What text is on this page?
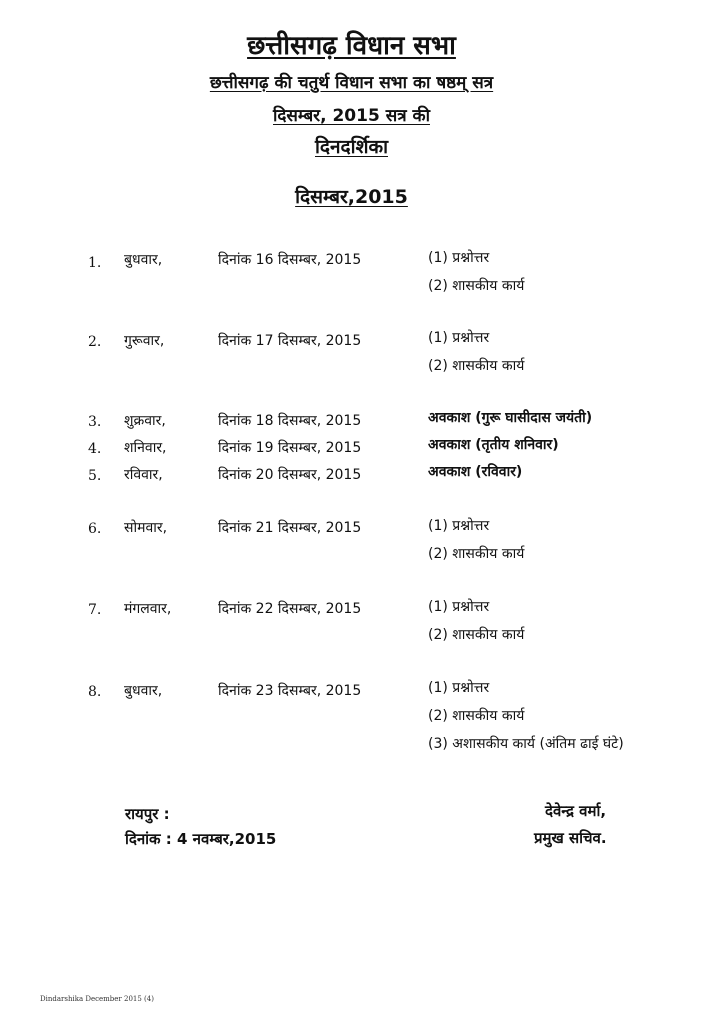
छत्तीसगढ़ विधान सभा
छत्तीसगढ़ की चतुर्थ विधान सभा का षष्ठम् सत्र
दिसम्बर, 2015 सत्र की
दिनदर्शिका
दिसम्बर,2015
1. बुधवार,	दिनांक 16 दिसम्बर, 2015	(1) प्रश्नोत्तर
(2) शासकीय कार्य
2. गुरूवार,	दिनांक 17 दिसम्बर, 2015	(1) प्रश्नोत्तर
(2) शासकीय कार्य
3. शुक्रवार,	दिनांक 18 दिसम्बर, 2015	अवकाश (गुरू घासीदास जयंती)
4. शनिवार,	दिनांक 19 दिसम्बर, 2015	अवकाश (तृतीय शनिवार)
5. रविवार,	दिनांक 20 दिसम्बर, 2015	अवकाश (रविवार)
6. सोमवार,	दिनांक 21 दिसम्बर, 2015	(1) प्रश्नोत्तर
(2) शासकीय कार्य
7. मंगलवार,	दिनांक 22 दिसम्बर, 2015	(1) प्रश्नोत्तर
(2) शासकीय कार्य
8. बुधवार,	दिनांक 23 दिसम्बर, 2015	(1) प्रश्नोत्तर
(2) शासकीय कार्य
(3) अशासकीय कार्य (अंतिम ढाई घंटे)
रायपुर :
दिनांक : 4 नवम्बर,2015
देवेन्द्र वर्मा,
प्रमुख सचिव.
Dindarshika December 2015 (4)
